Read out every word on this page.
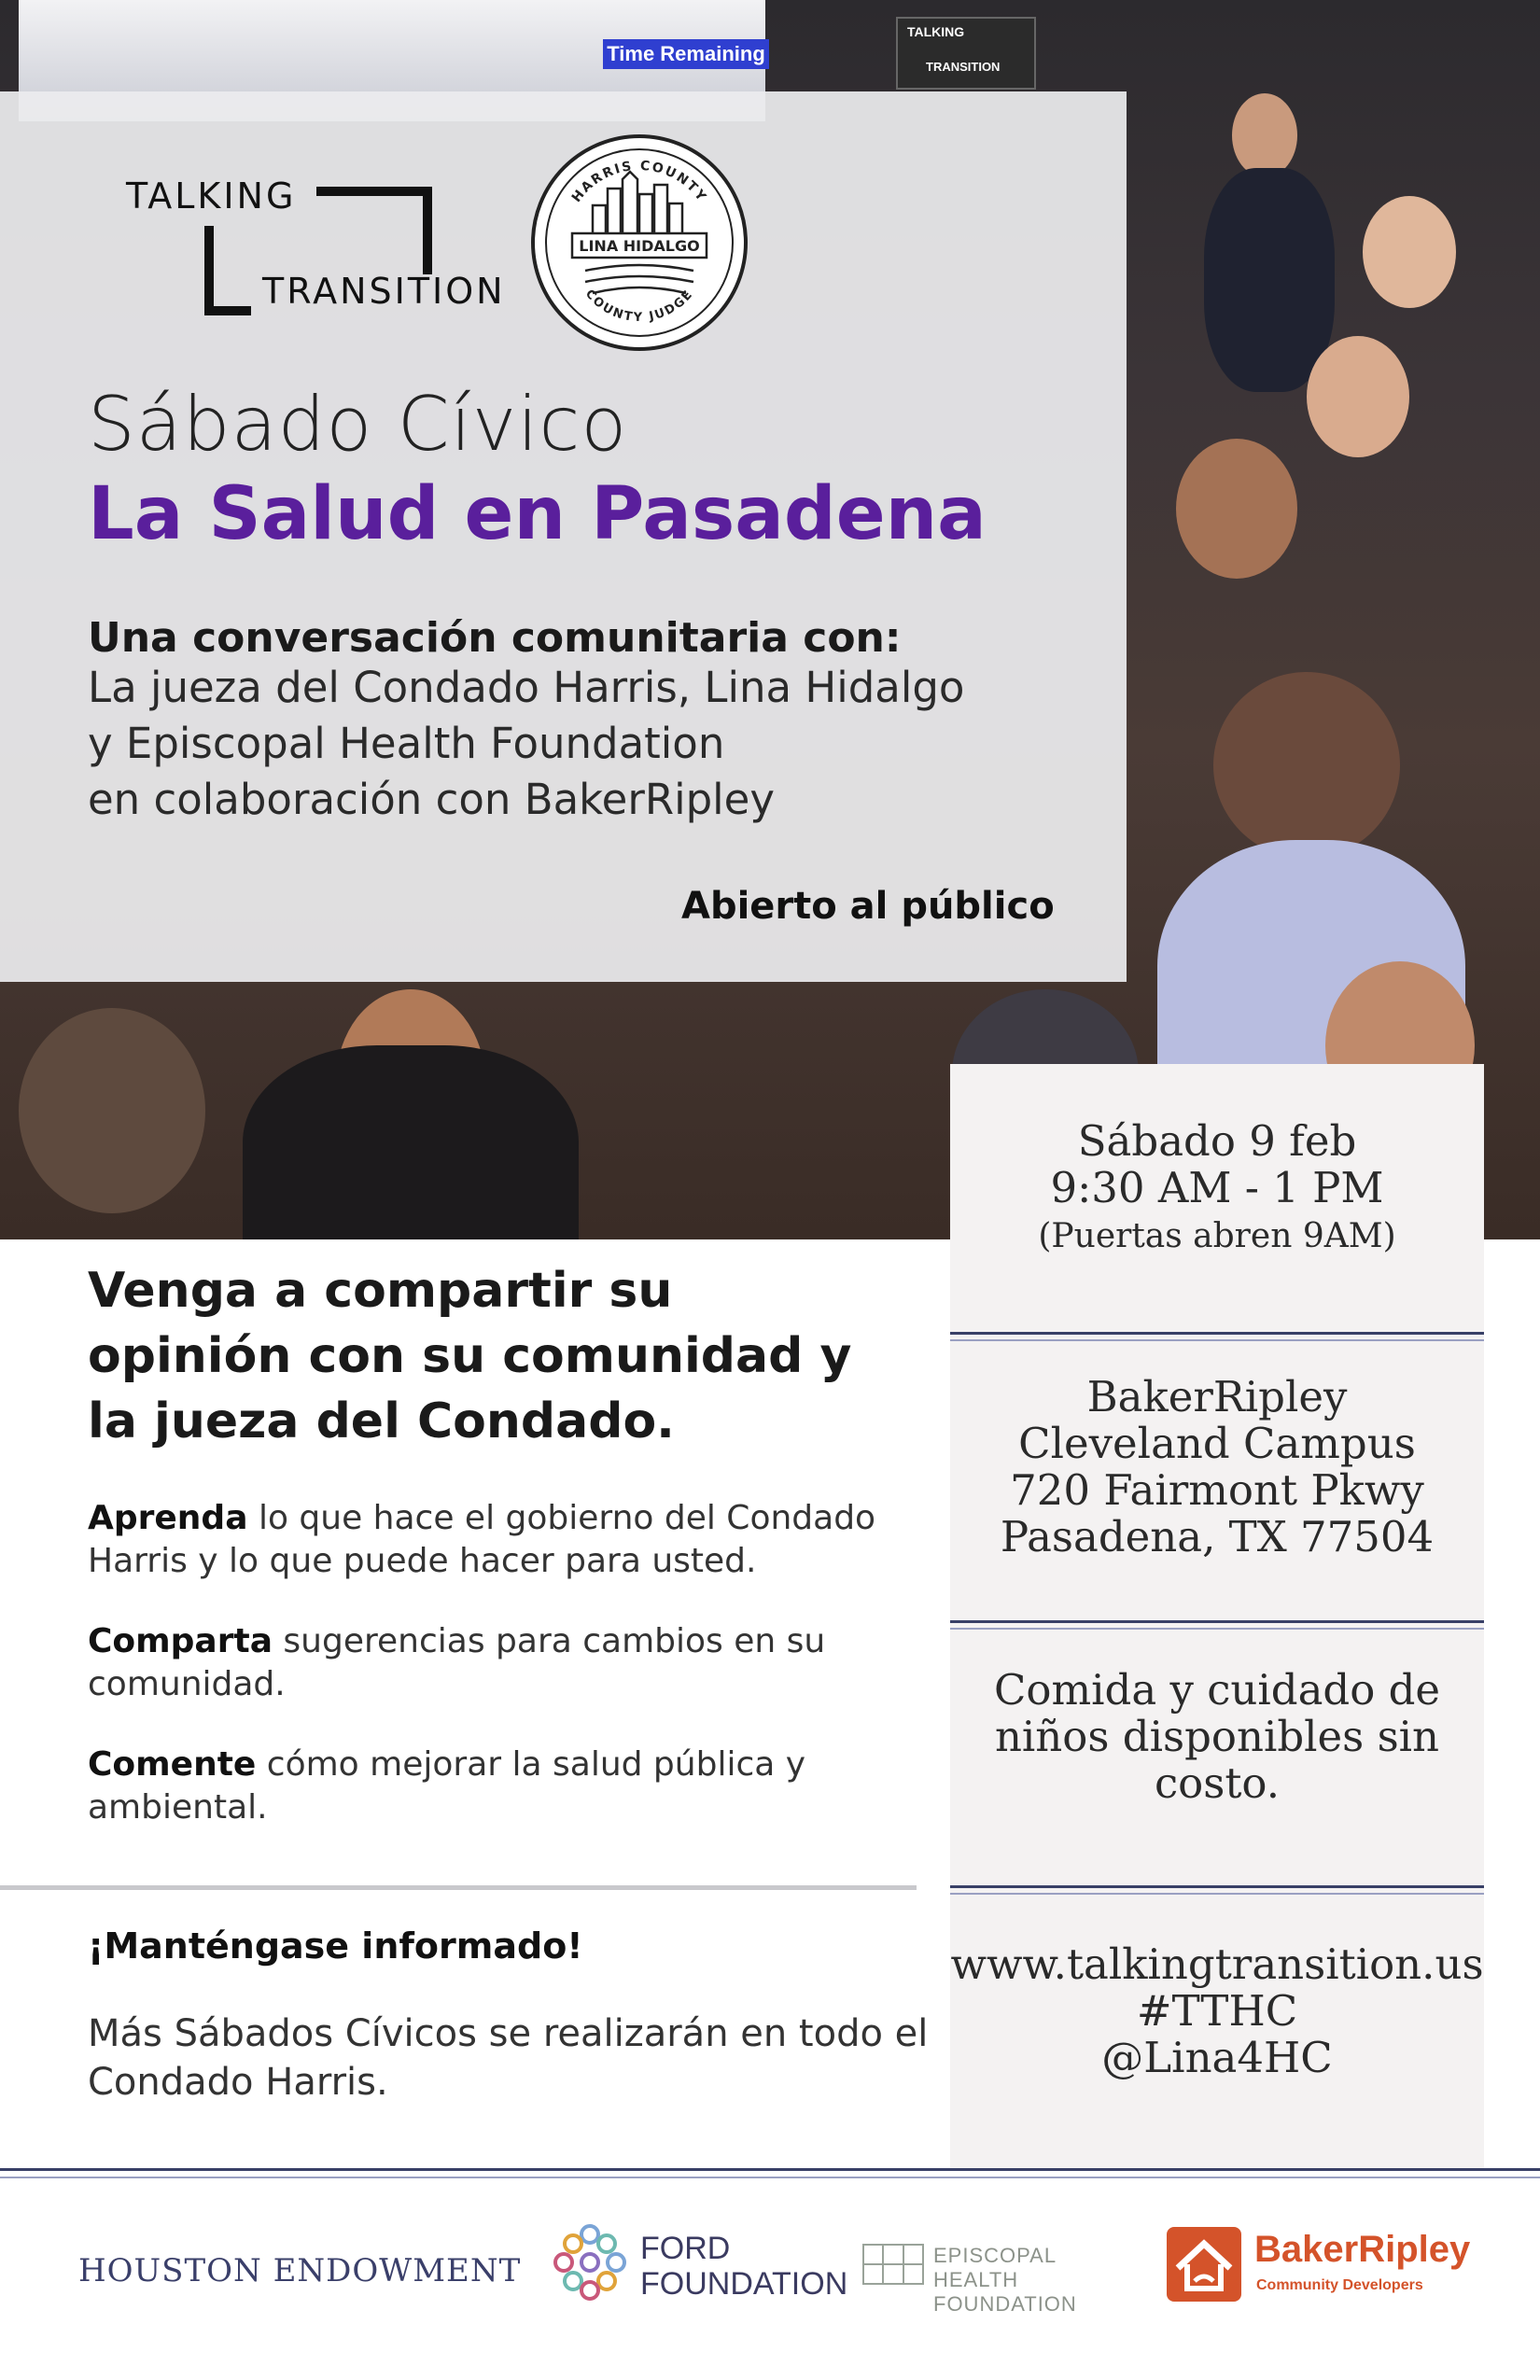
Time Remaining
TALKING
TRANSITION
TALKING
TRANSITION
HARRIS COUNTY
LINA HIDALGO
COUNTY JUDGE
Sábado Cívico
La Salud en Pasadena
Una conversación comunitaria con:
La jueza del Condado Harris, Lina Hidalgo
y Episcopal Health Foundation
en colaboración con BakerRipley
Abierto al público
Sábado 9 feb
9:30 AM - 1 PM
(Puertas abren 9AM)
BakerRipley
Cleveland Campus
720 Fairmont Pkwy
Pasadena, TX 77504
Comida y cuidado de
niños disponibles sin
costo.
www.talkingtransition.us
#TTHC
@Lina4HC
Venga a compartir su
opinión con su comunidad y
la jueza del Condado.
Aprenda lo que hace el gobierno del Condado Harris y lo que puede hacer para usted.
Comparta sugerencias para cambios en su comunidad.
Comente cómo mejorar la salud pública y ambiental.
¡Manténgase informado!
Más Sábados Cívicos se realizarán en todo el Condado Harris.
HOUSTON ENDOWMENT
FORD
FOUNDATION
EPISCOPAL HEALTH
FOUNDATION
BakerRipley
Community Developers
